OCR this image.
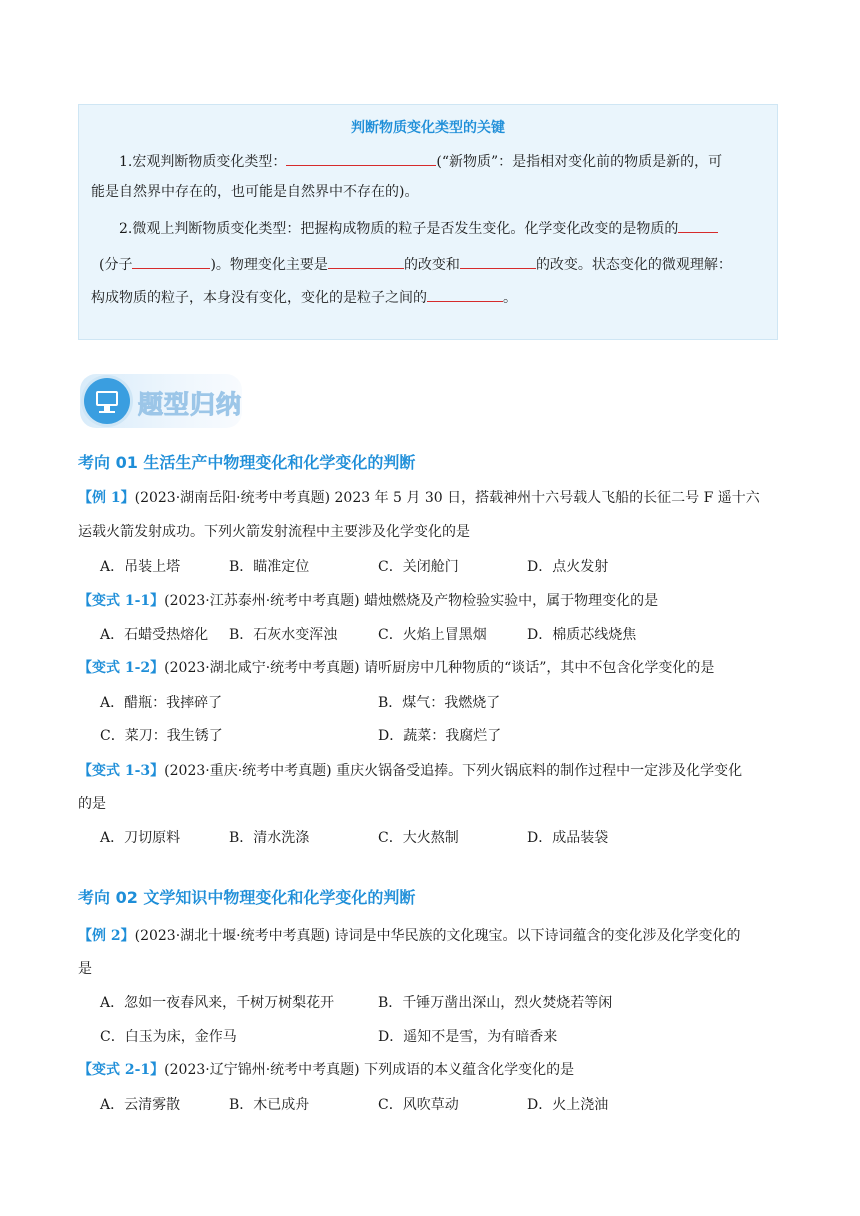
判断物质变化类型的关键
1.宏观判断物质变化类型：	(“新物质”：是指相对变化前的物质是新的，可
能是自然界中存在的，也可能是自然界中不存在的)。
2.微观上判断物质变化类型：把握构成物质的粒子是否发生变化。化学变化改变的是物质的
(分子	)。物理变化主要是	的改变和	的改变。状态变化的微观理解：
构成物质的粒子，本身没有变化，变化的是粒子之间的	。
题型归纳
考向 01 生活生产中物理变化和化学变化的判断
【例 1】(2023·湖南岳阳·统考中考真题) 2023 年 5 月 30 日，搭载神州十六号载人飞船的长征二号 F 遥十六
运载火箭发射成功。下列火箭发射流程中主要涉及化学变化的是
A．吊装上塔	B．瞄准定位	C．关闭舱门	D．点火发射
【变式 1-1】(2023·江苏泰州·统考中考真题) 蜡烛燃烧及产物检验实验中，属于物理变化的是
A．石蜡受热熔化 B．石灰水变浑浊	C．火焰上冒黑烟	D．棉质芯线烧焦
【变式 1-2】(2023·湖北咸宁·统考中考真题) 请听厨房中几种物质的“谈话”，其中不包含化学变化的是
A．醋瓶：我摔碎了	B．煤气：我燃烧了
C．菜刀：我生锈了	D．蔬菜：我腐烂了
【变式 1-3】(2023·重庆·统考中考真题) 重庆火锅备受追捧。下列火锅底料的制作过程中一定涉及化学变化
的是
A．刀切原料	B．清水洗涤	C．大火熬制	D．成品装袋
考向 02 文学知识中物理变化和化学变化的判断
【例 2】(2023·湖北十堰·统考中考真题) 诗词是中华民族的文化瑰宝。以下诗词蕴含的变化涉及化学变化的
是
A．忽如一夜春风来，千树万树梨花开	B．千锤万凿出深山，烈火焚烧若等闲
C．白玉为床，金作马	D．遥知不是雪，为有暗香来
【变式 2-1】(2023·辽宁锦州·统考中考真题) 下列成语的本义蕴含化学变化的是
A．云清雾散	B．木已成舟	C．风吹草动	D．火上浇油
